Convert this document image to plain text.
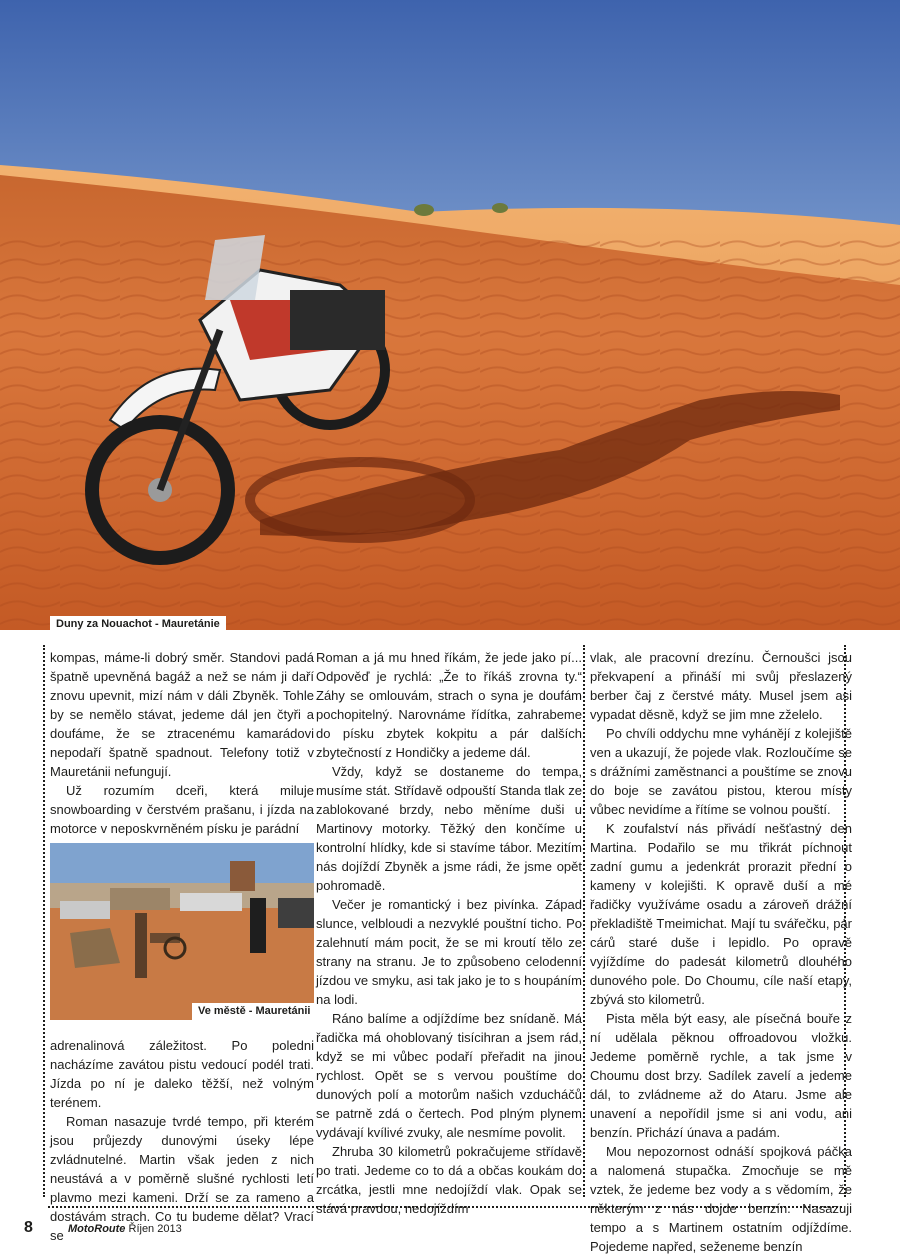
Duny za Nouachot - Mauretánie
Ve městě - Mauretánii

kompas, máme-li dobrý směr. Standovi padá špatně upevněná bagáž a než se nám ji daří znovu upevnit, mizí nám v dáli Zbyněk. Tohle by se nemělo stávat, jedeme dál jen čtyři a doufáme, že se ztracenému kamarádovi nepodaří špatně spadnout. Telefony totiž v Mauretánii nefungují.

Už rozumím dceři, která miluje snowboarding v čerstvém prašanu, i jízda na motorce v neposkvrněném písku je parádní

adrenalinová záležitost. Po poledni nacházíme zavátou pistu vedoucí podél trati. Jízda po ní je daleko těžší, než volným terénem.

Roman nasazuje tvrdé tempo, při kterém jsou průjezdy dunovými úseky lépe zvládnutelné. Martin však jeden z nich neustává a v poměrně slušné rychlosti letí plavmo mezi kameni. Drží se za rameno a dostávám strach. Co tu budeme dělat? Vrací se

Roman a já mu hned říkám, že jede jako pí... Odpověď je rychlá: „Že to říkáš zrovna ty.“ Záhy se omlouvám, strach o syna je doufám pochopitelný. Narovnáme řídítka, zahrabeme do písku zbytek kokpitu a pár dalších zbytečností z Hondičky a jedeme dál.

Vždy, když se dostaneme do tempa, musíme stát. Střídavě odpouští Standa tlak ze zablokované brzdy, nebo měníme duši u Martinovy motorky. Těžký den končíme u kontrolní hlídky, kde si stavíme tábor. Mezitím nás dojíždí Zbyněk a jsme rádi, že jsme opět pohromadě.

Večer je romantický i bez pivínka. Západ slunce, velbloudi a nezvyklé pouštní ticho. Po zalehnutí mám pocit, že se mi kroutí tělo ze strany na stranu. Je to způsobeno celodenní jízdou ve smyku, asi tak jako je to s houpáním na lodi.

Ráno balíme a odjíždíme bez snídaně. Má řadička má ohoblovaný tisícihran a jsem rád, když se mi vůbec podaří přeřadit na jinou rychlost. Opět se s vervou pouštíme do dunových polí a motorům našich vzducháčů se patrně zdá o čertech. Pod plným plynem vydávají kvílivé zvuky, ale nesmíme povolit.

Zhruba 30 kilometrů pokračujeme střídavě po trati. Jedeme co to dá a občas koukám do zrcátka, jestli mne nedojíždí vlak. Opak se stává pravdou, nedojíždím

vlak, ale pracovní drezínu. Černoušci jsou překvapení a přináší mi svůj přeslazený berber čaj z čerstvé máty. Musel jsem asi vypadat děsně, když se jim mne zželelo.

Po chvíli oddychu mne vyhánějí z kolejiště ven a ukazují, že pojede vlak. Rozloučíme se s drážními zaměstnanci a pouštíme se znovu do boje se zavátou pistou, kterou místy vůbec nevidíme a řítíme se volnou pouští.

K zoufalství nás přivádí nešťastný den Martina. Podařilo se mu třikrát píchnout zadní gumu a jedenkrát prorazit přední o kameny v kolejišti. K opravě duší a mé řadičky využíváme osadu a zároveň drážní překladiště Tmeimichat. Mají tu svářečku, pár cárů staré duše i lepidlo. Po opravě vyjíždíme do padesát kilometrů dlouhého dunového pole. Do Choumu, cíle naší etapy, zbývá sto kilometrů.

Pista měla být easy, ale písečná bouře z ní udělala pěknou offroadovou vložku. Jedeme poměrně rychle, a tak jsme v Choumu dost brzy. Sadílek zavelí a jedeme dál, to zvládneme až do Ataru. Jsme ale unavení a nepořídil jsme si ani vodu, ani benzín. Přichází únava a padám.

Mou nepozornost odnáší spojková páčka a nalomená stupačka. Zmocňuje se mě vztek, že jedeme bez vody a s vědomím, že některým z nás dojde benzín. Nasazuji tempo a s Martinem ostatním odjíždíme. Pojedeme napřed, seženeme benzín

8	MotoRoute Říjen 2013
